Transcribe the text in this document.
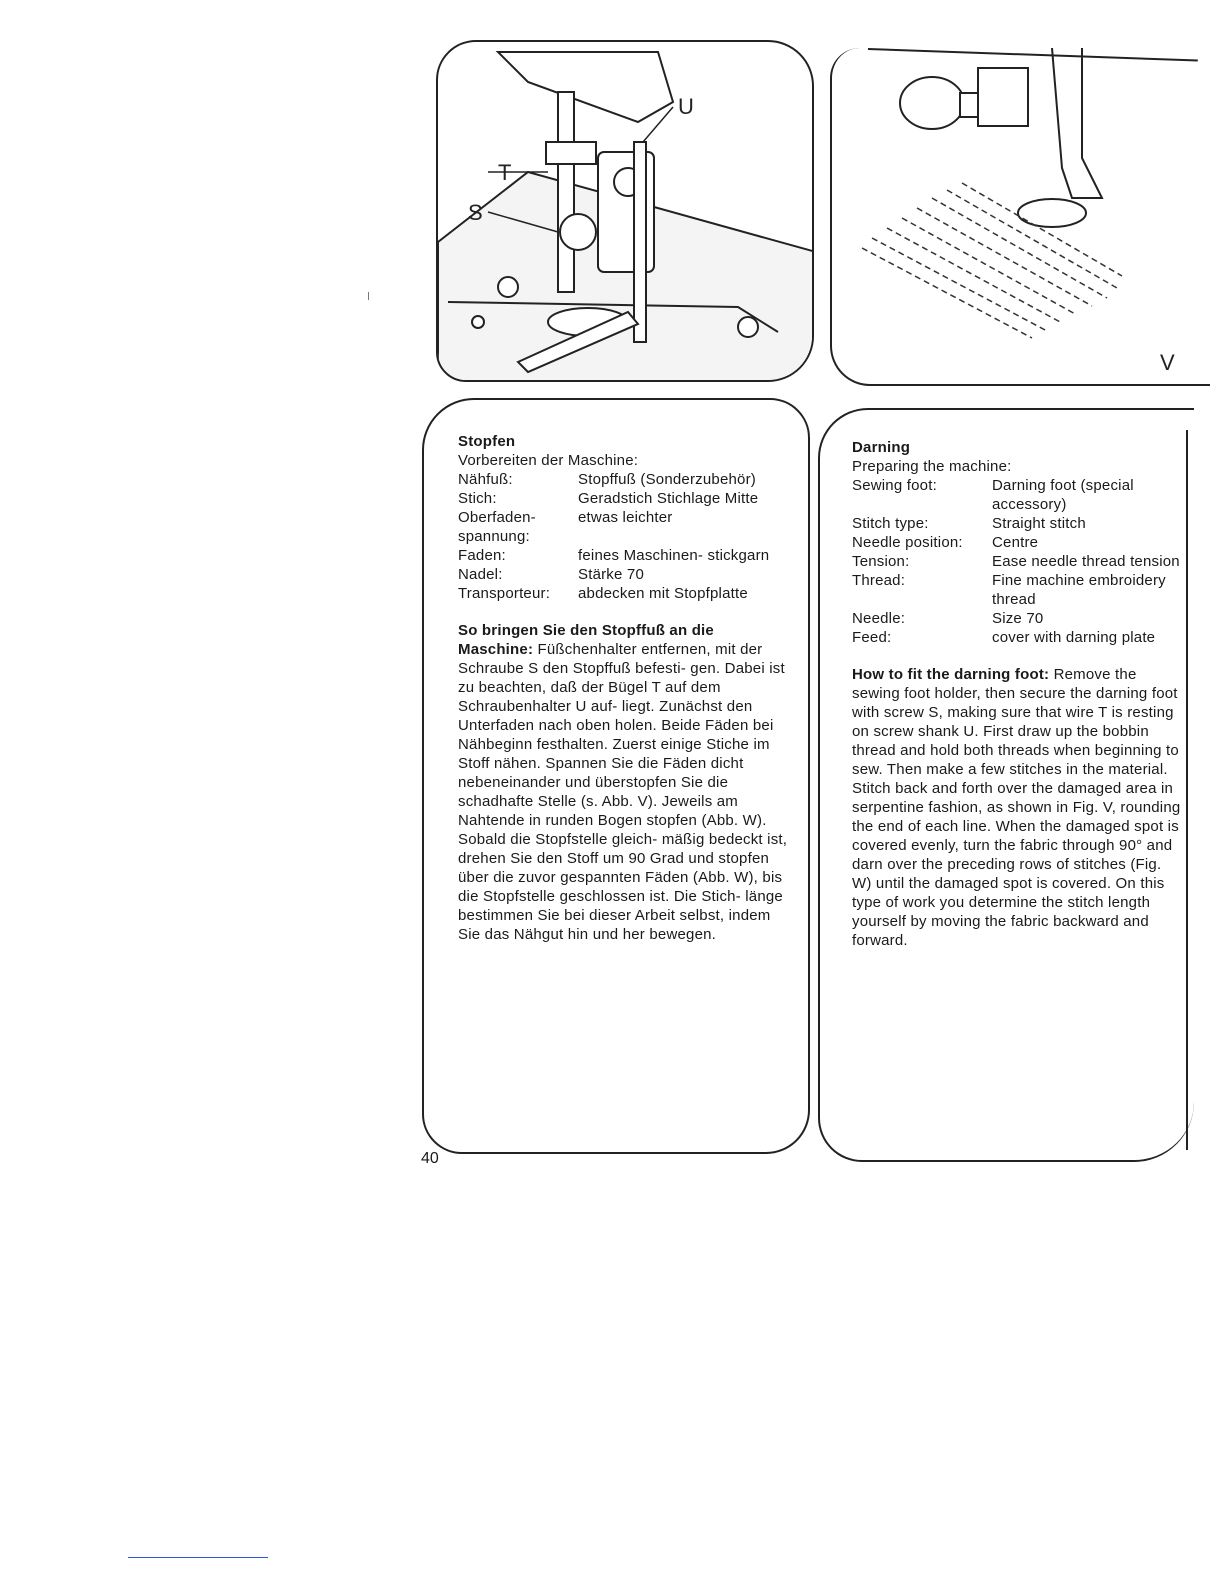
U
T
S
V
Stopfen
Vorbereiten der Maschine:
Nähfuß:	Stopffuß (Sonderzubehör)
Stich:	Geradstich Stichlage Mitte
Oberfaden- spannung:	etwas leichter
Faden:	feines Maschinen- stickgarn
Nadel:	Stärke 70
Transporteur:	abdecken mit Stopfplatte
So bringen Sie den Stopffuß an die Maschine: Füßchenhalter entfernen, mit der Schraube S den Stopffuß befesti- gen. Dabei ist zu beachten, daß der Bügel T auf dem Schraubenhalter U auf- liegt. Zunächst den Unterfaden nach oben holen. Beide Fäden bei Nähbeginn festhalten. Zuerst einige Stiche im Stoff nähen. Spannen Sie die Fäden dicht nebeneinander und überstopfen Sie die schadhafte Stelle (s. Abb. V). Jeweils am Nahtende in runden Bogen stopfen (Abb. W). Sobald die Stopfstelle gleich- mäßig bedeckt ist, drehen Sie den Stoff um 90 Grad und stopfen über die zuvor gespannten Fäden (Abb. W), bis die Stopfstelle geschlossen ist. Die Stich- länge bestimmen Sie bei dieser Arbeit selbst, indem Sie das Nähgut hin und her bewegen.
Darning
Preparing the machine:
Sewing foot:	Darning foot (special accessory)
Stitch type:	Straight stitch
Needle position:	Centre
Tension:	Ease needle thread tension
Thread:	Fine machine embroidery thread
Needle:	Size 70
Feed:	cover with darning plate
How to fit the darning foot: Remove the sewing foot holder, then secure the darning foot with screw S, making sure that wire T is resting on screw shank U. First draw up the bobbin thread and hold both threads when beginning to sew. Then make a few stitches in the material. Stitch back and forth over the damaged area in serpentine fashion, as shown in Fig. V, rounding the end of each line. When the damaged spot is covered evenly, turn the fabric through 90° and darn over the preceding rows of stitches (Fig. W) until the damaged spot is covered. On this type of work you determine the stitch length yourself by moving the fabric backward and forward.
40
